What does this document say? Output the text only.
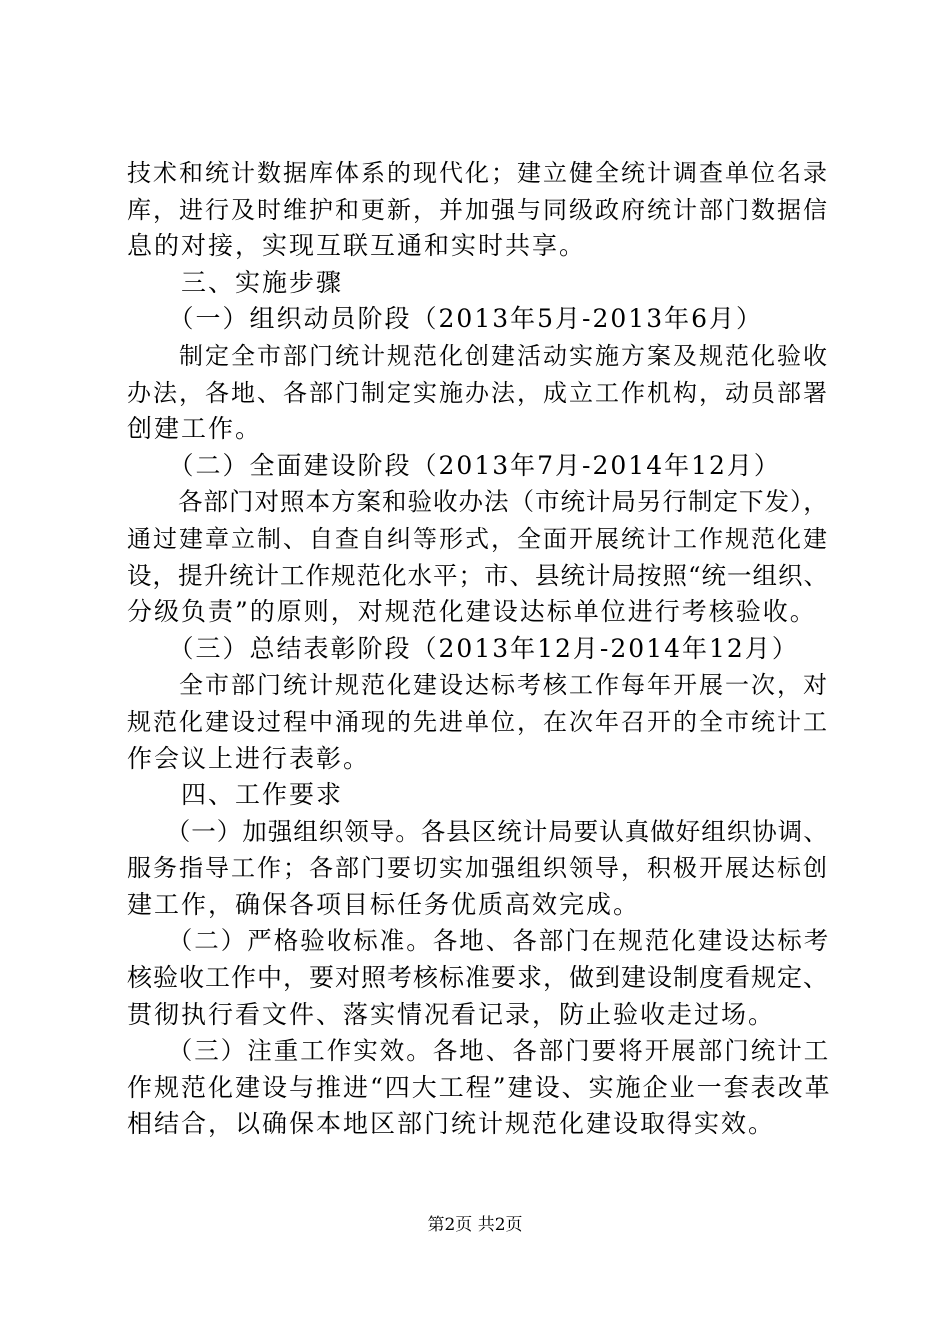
技术和统计数据库体系的现代化；建立健全统计调查单位名录
库，进行及时维护和更新，并加强与同级政府统计部门数据信
息的对接，实现互联互通和实时共享。
　　三、实施步骤
　　（一）组织动员阶段（2013年5月-2013年6月）
　　制定全市部门统计规范化创建活动实施方案及规范化验收
办法，各地、各部门制定实施办法，成立工作机构，动员部署
创建工作。
　　（二）全面建设阶段（2013年7月-2014年12月）
　　各部门对照本方案和验收办法（市统计局另行制定下发），
通过建章立制、自查自纠等形式，全面开展统计工作规范化建
设，提升统计工作规范化水平；市、县统计局按照“统一组织、
分级负责”的原则，对规范化建设达标单位进行考核验收。
　　（三）总结表彰阶段（2013年12月-2014年12月）
　　全市部门统计规范化建设达标考核工作每年开展一次，对
规范化建设过程中涌现的先进单位，在次年召开的全市统计工
作会议上进行表彰。
　　四、工作要求
　　（一）加强组织领导。各县区统计局要认真做好组织协调、
服务指导工作；各部门要切实加强组织领导，积极开展达标创
建工作，确保各项目标任务优质高效完成。
　　（二）严格验收标准。各地、各部门在规范化建设达标考
核验收工作中，要对照考核标准要求，做到建设制度看规定、
贯彻执行看文件、落实情况看记录，防止验收走过场。
　　（三）注重工作实效。各地、各部门要将开展部门统计工
作规范化建设与推进“四大工程”建设、实施企业一套表改革
相结合，以确保本地区部门统计规范化建设取得实效。
第2页 共2页
